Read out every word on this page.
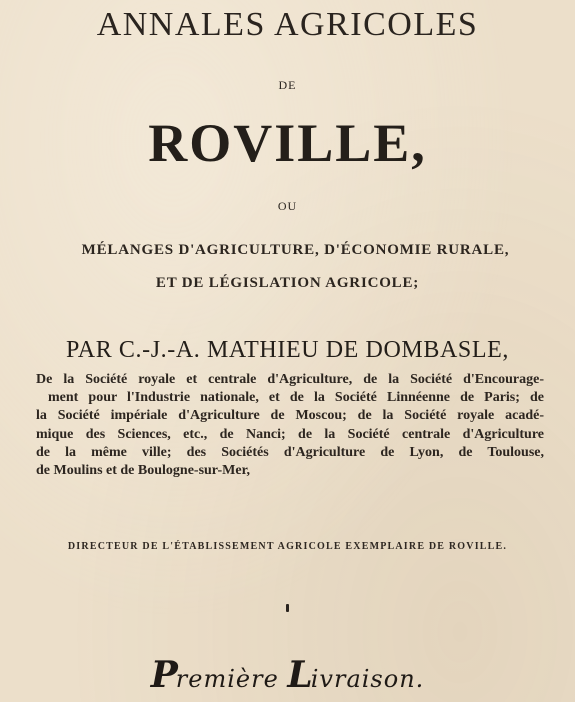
ANNALES AGRICOLES
DE
ROVILLE,
OU
MÉLANGES D'AGRICULTURE, D'ÉCONOMIE RURALE,
ET DE LÉGISLATION AGRICOLE;
PAR C.-J.-A. MATHIEU DE DOMBASLE,
De la Société royale et centrale d'Agriculture, de la Société d'Encourage-
ment pour l'Industrie nationale, et de la Société Linnéenne de Paris; de
la Société impériale d'Agriculture de Moscou; de la Société royale acadé-
mique des Sciences, etc., de Nanci; de la Société centrale d'Agriculture
de la même ville; des Sociétés d'Agriculture de Lyon, de Toulouse,
de Moulins et de Boulogne-sur-Mer,
DIRECTEUR DE L'ÉTABLISSEMENT AGRICOLE EXEMPLAIRE DE ROVILLE.
Première Livraison.
